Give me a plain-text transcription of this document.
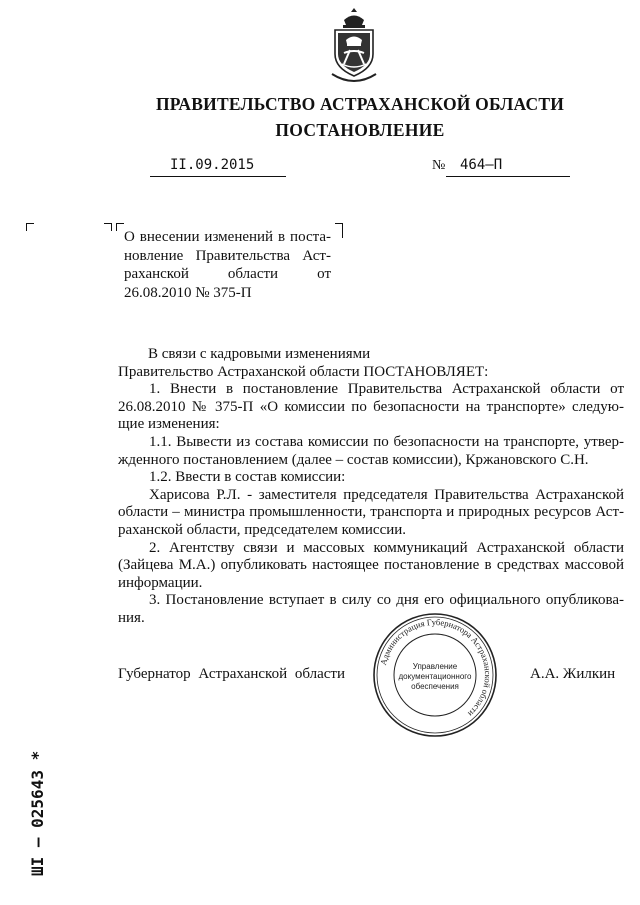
ПРАВИТЕЛЬСТВО АСТРАХАНСКОЙ ОБЛАСТИ
ПОСТАНОВЛЕНИЕ
II.09.2015	№	464–П
О внесении изменений в поста-
новление Правительства Аст-
раханской области от
26.08.2010 № 375-П

В связи с кадровыми изменениями

Правительство Астраханской области ПОСТАНОВЛЯЕТ:

1. Внести в постановление Правительства Астраханской области от 26.08.2010 № 375-П «О комиссии по безопасности на транспорте» следую-щие изменения:

1.1. Вывести из состава комиссии по безопасности на транспорте, утвер-жденного постановлением (далее – состав комиссии), Кржановского С.Н.

1.2. Ввести в состав комиссии:

Харисова Р.Л. - заместителя председателя Правительства Астраханской области – министра промышленности, транспорта и природных ресурсов Аст-раханской области, председателем комиссии.

2. Агентству связи и массовых коммуникаций Астраханской области (Зайцева М.А.) опубликовать настоящее постановление в средствах массовой информации.

3. Постановление вступает в силу со дня его официального опубликова-ния.

Губернатор Астраханской области	А.А. Жилкин
Администрация Губернатора Астраханской области
Управление
документационного
обеспечения
ШI – 025643 *
